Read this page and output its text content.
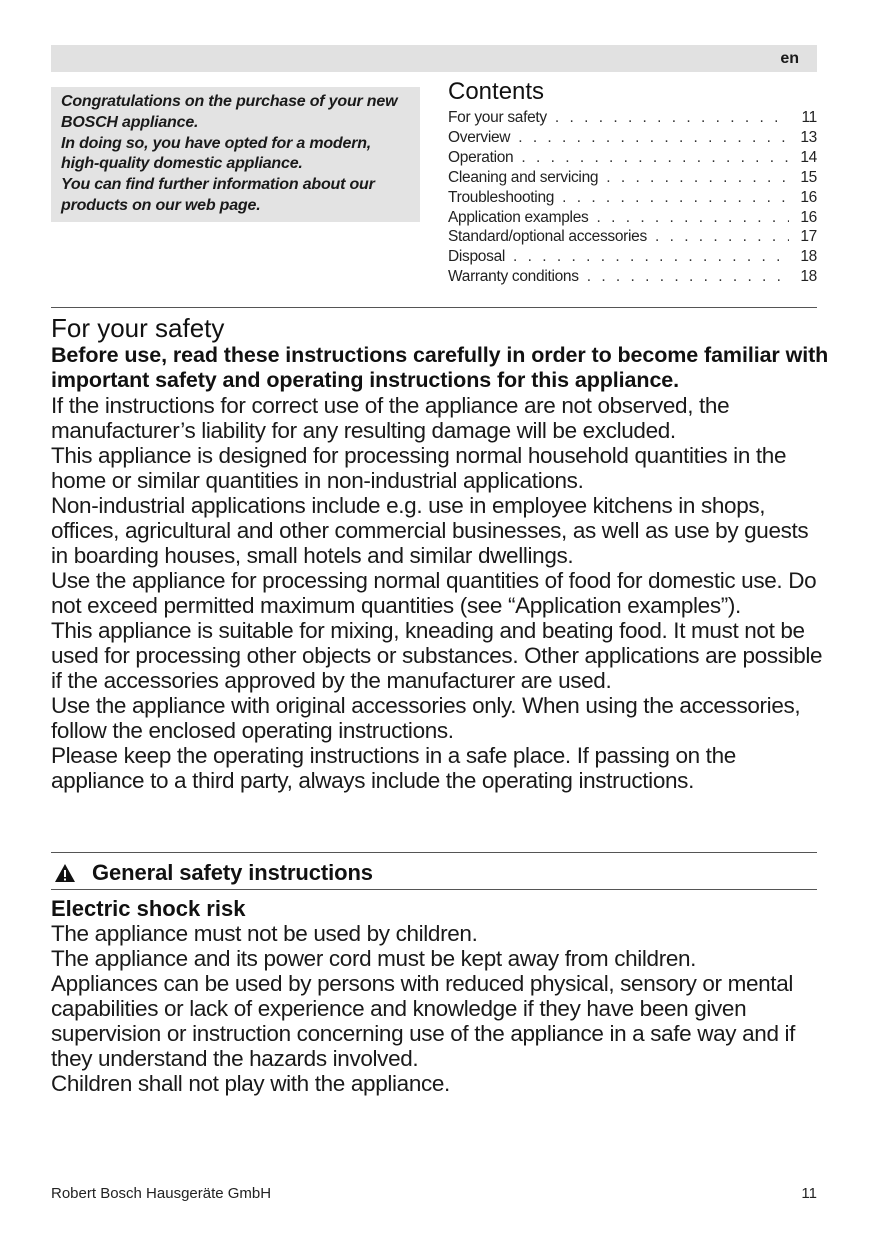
en

Congratulations on the purchase of your new BOSCH appliance.

In doing so, you have opted for a modern, high-quality domestic appliance.

You can find further information about our products on our web page.

Contents
For your safety . . .	11
Overview . . .	13
Operation . . .	14
Cleaning and servicing . . .	15
Troubleshooting . . .	16
Application examples . . .	16
Standard/optional accessories . . .	17
Disposal . . .	18
Warranty conditions . . .	18
For your safety

Before use, read these instructions carefully in order to become familiar with important safety and operating instructions for this appliance.

If the instructions for correct use of the appliance are not observed, the manufacturer’s liability for any resulting damage will be excluded.

This appliance is designed for processing normal household quantities in the home or similar quantities in non-industrial applications.

Non-industrial applications include e.g. use in employee kitchens in shops, offices, agricultural and other commercial businesses, as well as use by guests in boarding houses, small hotels and similar dwellings.

Use the appliance for processing normal quantities of food for domestic use. Do not exceed permitted maximum quantities (see “Application examples”).

This appliance is suitable for mixing, kneading and beating food. It must not be used for processing other objects or substances. Other applications are possible if the accessories approved by the manufacturer are used.

Use the appliance with original accessories only. When using the accessories, follow the enclosed operating instructions.

Please keep the operating instructions in a safe place. If passing on the appliance to a third party, always include the operating instructions.

General safety instructions
Electric shock risk

The appliance must not be used by children.

The appliance and its power cord must be kept away from children.

Appliances can be used by persons with reduced physical, sensory or mental capabilities or lack of experience and knowledge if they have been given supervision or instruction concerning use of the appliance in a safe way and if they understand the hazards involved.

Children shall not play with the appliance.

Robert Bosch Hausgeräte GmbH	11
